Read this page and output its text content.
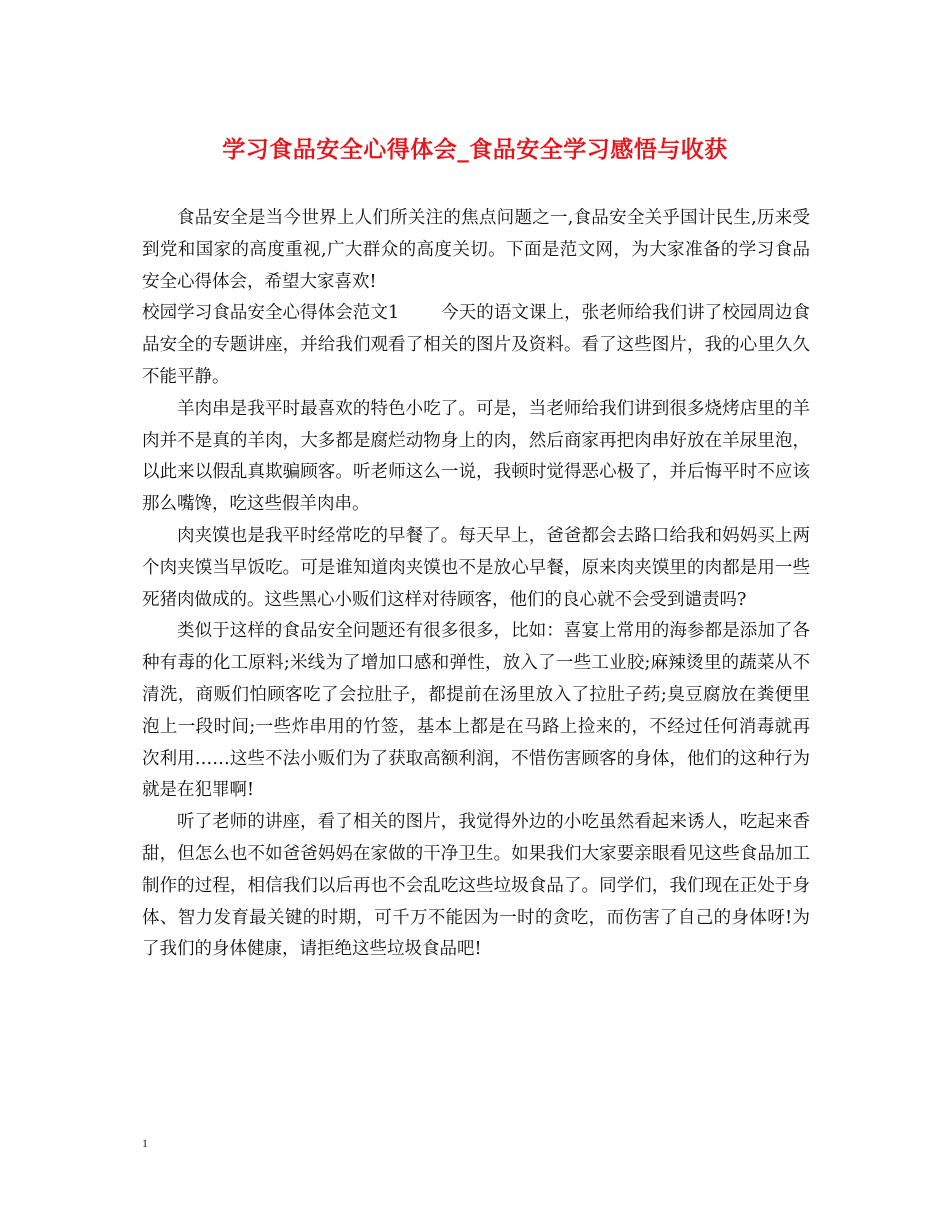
学习食品安全心得体会_食品安全学习感悟与收获

食品安全是当今世界上人们所关注的焦点问题之一,食品安全关乎国计民生,历来受到党和国家的高度重视,广大群众的高度关切。下面是范文网，为大家准备的学习食品安全心得体会，希望大家喜欢!

校园学习食品安全心得体会范文1 今天的语文课上，张老师给我们讲了校园周边食品安全的专题讲座，并给我们观看了相关的图片及资料。看了这些图片，我的心里久久不能平静。

羊肉串是我平时最喜欢的特色小吃了。可是，当老师给我们讲到很多烧烤店里的羊肉并不是真的羊肉，大多都是腐烂动物身上的肉，然后商家再把肉串好放在羊尿里泡，以此来以假乱真欺骗顾客。听老师这么一说，我顿时觉得恶心极了，并后悔平时不应该那么嘴馋，吃这些假羊肉串。

肉夹馍也是我平时经常吃的早餐了。每天早上，爸爸都会去路口给我和妈妈买上两个肉夹馍当早饭吃。可是谁知道肉夹馍也不是放心早餐，原来肉夹馍里的肉都是用一些死猪肉做成的。这些黑心小贩们这样对待顾客，他们的良心就不会受到谴责吗?

类似于这样的食品安全问题还有很多很多，比如：喜宴上常用的海参都是添加了各种有毒的化工原料;米线为了增加口感和弹性，放入了一些工业胶;麻辣烫里的蔬菜从不清洗，商贩们怕顾客吃了会拉肚子，都提前在汤里放入了拉肚子药;臭豆腐放在粪便里泡上一段时间;一些炸串用的竹签，基本上都是在马路上捡来的，不经过任何消毒就再次利用……这些不法小贩们为了获取高额利润，不惜伤害顾客的身体，他们的这种行为就是在犯罪啊!

听了老师的讲座，看了相关的图片，我觉得外边的小吃虽然看起来诱人，吃起来香甜，但怎么也不如爸爸妈妈在家做的干净卫生。如果我们大家要亲眼看见这些食品加工制作的过程，相信我们以后再也不会乱吃这些垃圾食品了。同学们，我们现在正处于身体、智力发育最关键的时期，可千万不能因为一时的贪吃，而伤害了自己的身体呀!为了我们的身体健康，请拒绝这些垃圾食品吧!

1
